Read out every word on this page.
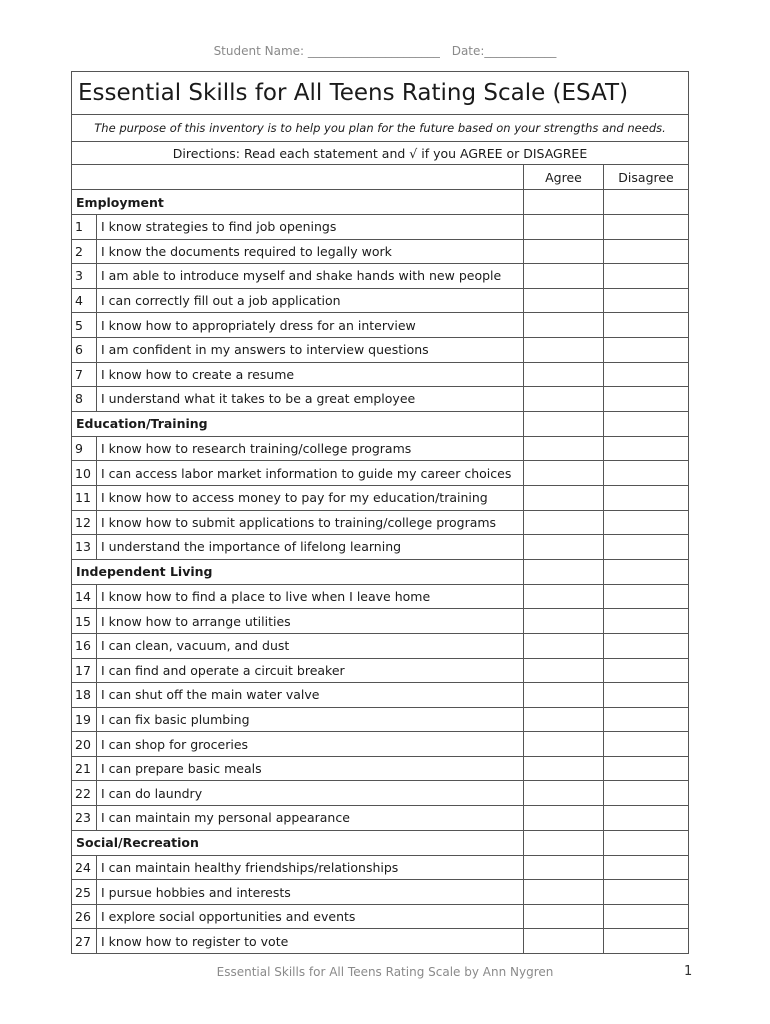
Student Name: ______________________ Date:____________
Essential Skills for All Teens Rating Scale (ESAT)			
The purpose of this inventory is to help you plan for the future based on your strengths and needs.			
Directions: Read each statement and √ if you AGREE or DISAGREE			
		Agree	Disagree
Employment			
1	I know strategies to find job openings		
2	I know the documents required to legally work		
3	I am able to introduce myself and shake hands with new people		
4	I can correctly fill out a job application		
5	I know how to appropriately dress for an interview		
6	I am confident in my answers to interview questions		
7	I know how to create a resume		
8	I understand what it takes to be a great employee		
Education/Training			
9	I know how to research training/college programs		
10	I can access labor market information to guide my career choices		
11	I know how to access money to pay for my education/training		
12	I know how to submit applications to training/college programs		
13	I understand the importance of lifelong learning		
Independent Living			
14	I know how to find a place to live when I leave home		
15	I know how to arrange utilities		
16	I can clean, vacuum, and dust		
17	I can find and operate a circuit breaker		
18	I can shut off the main water valve		
19	I can fix basic plumbing		
20	I can shop for groceries		
21	I can prepare basic meals		
22	I can do laundry		
23	I can maintain my personal appearance		
Social/Recreation			
24	I can maintain healthy friendships/relationships		
25	I pursue hobbies and interests		
26	I explore social opportunities and events		
27	I know how to register to vote		
Essential Skills for All Teens Rating Scale by Ann Nygren	1
